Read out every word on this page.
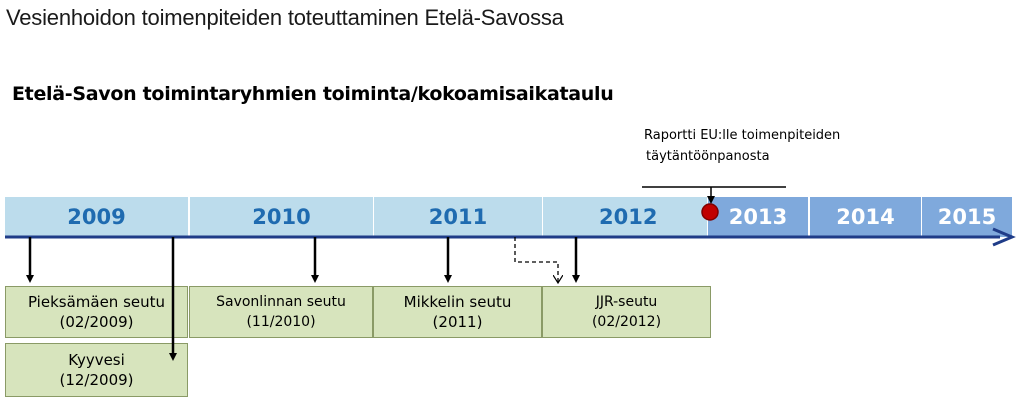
Vesienhoidon toimenpiteiden toteuttaminen Etelä-Savossa
Etelä-Savon toimintaryhmien toiminta/kokoamisaikataulu
Raportti EU:lle toimenpiteiden
täytäntöönpanosta
2009	2010	2011	2012	2013	2014	2015
Pieksämäen seutu
(02/2009)
Savonlinnan seutu
(11/2010)
Mikkelin seutu
(2011)
JJR-seutu
(02/2012)
Kyyvesi
(12/2009)
